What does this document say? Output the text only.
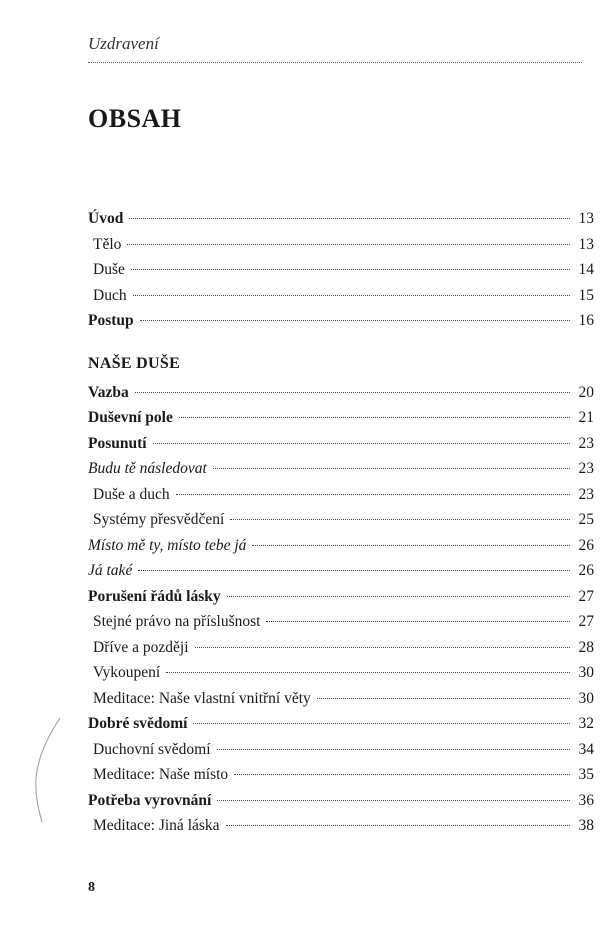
Uzdravení
OBSAH
Úvod	13
Tělo	13
Duše	14
Duch	15
Postup	16
NAŠE DUŠE
Vazba	20
Duševní pole	21
Posunutí	23
Budu tě následovat	23
Duše a duch	23
Systémy přesvědčení	25
Místo mě ty, místo tebe já	26
Já také	26
Porušení řádů lásky	27
Stejné právo na příslušnost	27
Dříve a později	28
Vykoupení	30
Meditace: Naše vlastní vnitřní věty	30
Dobré svědomí	32
Duchovní svědomí	34
Meditace: Naše místo	35
Potřeba vyrovnání	36
Meditace: Jiná láska	38
8
